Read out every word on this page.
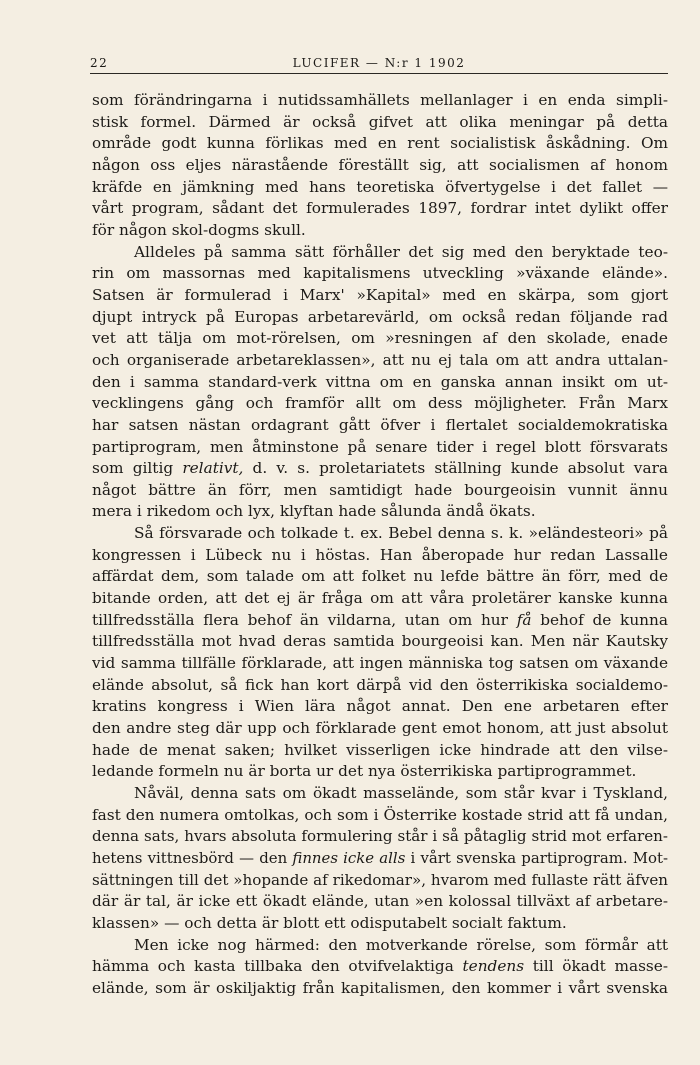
22	LUCIFER — N:r 1 1902
som förändringarna i nutidssamhällets mellanlager i en enda simpli-
stisk formel. Därmed är också gifvet att olika meningar på detta
område godt kunna förlikas med en rent socialistisk åskådning. Om
någon oss eljes närastående föreställt sig, att socialismen af honom
kräfde en jämkning med hans teoretiska öfvertygelse i det fallet —
vårt program, sådant det formulerades 1897, fordrar intet dylikt offer
för någon skol-dogms skull.
Alldeles på samma sätt förhåller det sig med den beryktade teo-
rin om massornas med kapitalismens utveckling »växande elände».
Satsen är formulerad i Marx' »Kapital» med en skärpa, som gjort
djupt intryck på Europas arbetarevärld, om också redan följande rad
vet att tälja om mot-rörelsen, om »resningen af den skolade, enade
och organiserade arbetareklassen», att nu ej tala om att andra uttalan-
den i samma standard-verk vittna om en ganska annan insikt om ut-
vecklingens gång och framför allt om dess möjligheter. Från Marx
har satsen nästan ordagrant gått öfver i flertalet socialdemokratiska
partiprogram, men åtminstone på senare tider i regel blott försvarats
som giltig relativt, d. v. s. proletariatets ställning kunde absolut vara
något bättre än förr, men samtidigt hade bourgeoisin vunnit ännu
mera i rikedom och lyx, klyftan hade sålunda ändå ökats.
Så försvarade och tolkade t. ex. Bebel denna s. k. »eländesteori» på
kongressen i Lübeck nu i höstas. Han åberopade hur redan Lassalle
affärdat dem, som talade om att folket nu lefde bättre än förr, med de
bitande orden, att det ej är fråga om att våra proletärer kanske kunna
tillfredsställa flera behof än vildarna, utan om hur få behof de kunna
tillfredsställa mot hvad deras samtida bourgeoisi kan. Men när Kautsky
vid samma tillfälle förklarade, att ingen människa tog satsen om växande
elände absolut, så fick han kort därpå vid den österrikiska socialdemo-
kratins kongress i Wien lära något annat. Den ene arbetaren efter
den andre steg där upp och förklarade gent emot honom, att just absolut
hade de menat saken; hvilket visserligen icke hindrade att den vilse-
ledande formeln nu är borta ur det nya österrikiska partiprogrammet.
Nåväl, denna sats om ökadt masselände, som står kvar i Tyskland,
fast den numera omtolkas, och som i Österrike kostade strid att få undan,
denna sats, hvars absoluta formulering står i så påtaglig strid mot erfaren-
hetens vittnesbörd — den finnes icke alls i vårt svenska partiprogram. Mot-
sättningen till det »hopande af rikedomar», hvarom med fullaste rätt äfven
där är tal, är icke ett ökadt elände, utan »en kolossal tillväxt af arbetare-
klassen» — och detta är blott ett odisputabelt socialt faktum.
Men icke nog härmed: den motverkande rörelse, som förmår att
hämma och kasta tillbaka den otvifvelaktiga tendens till ökadt masse-
elände, som är oskiljaktig från kapitalismen, den kommer i vårt svenska
